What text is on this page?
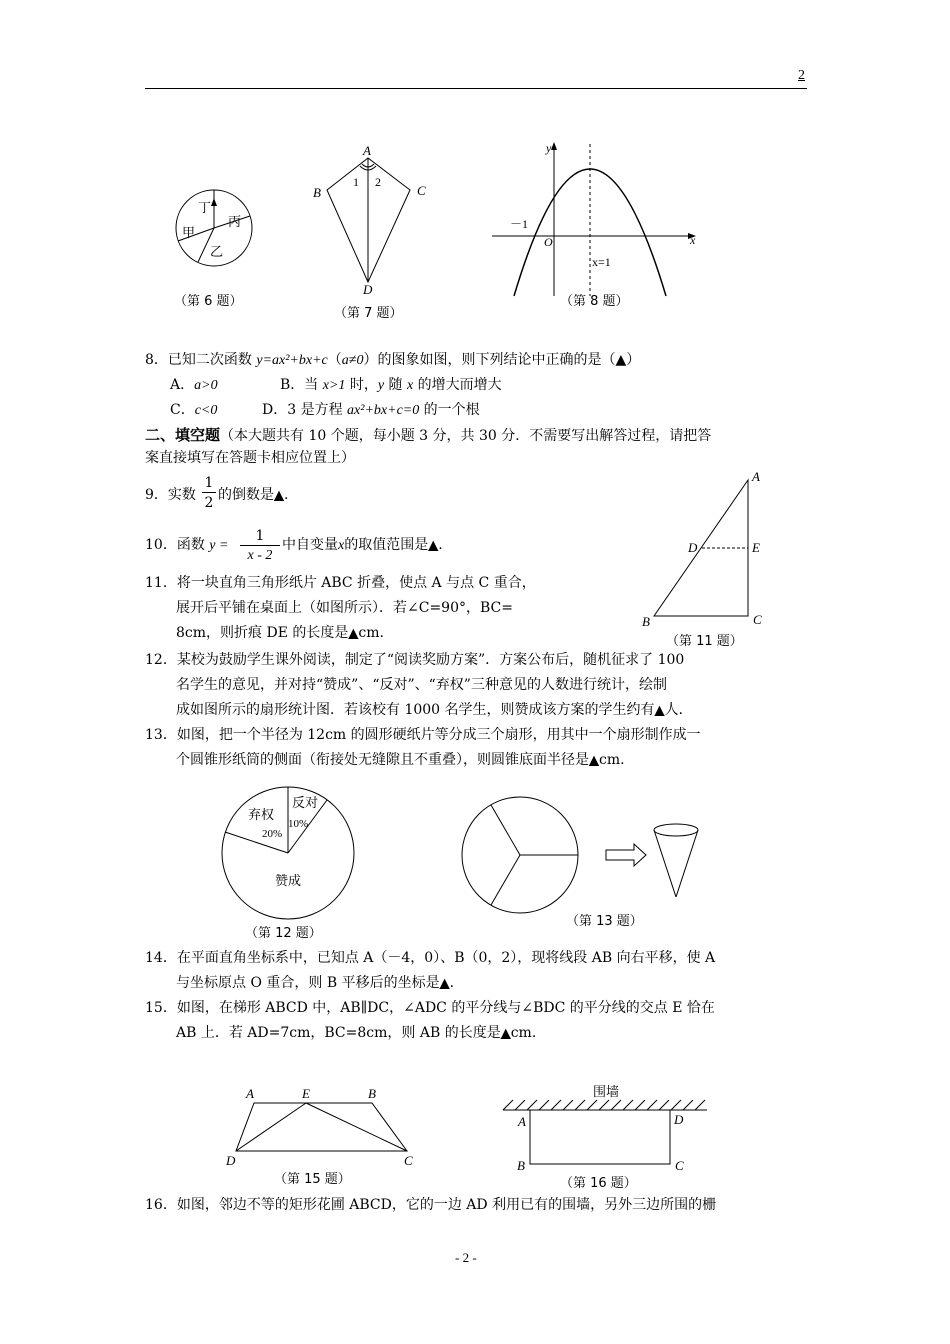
2
甲
乙
丙
丁
（第 6 题）
A
B	C
D
1 2
（第 7 题）
y
x
O
－1
x=1
（第 8 题）
8．已知二次函数 y=ax²+bx+c（a≠0）的图象如图，则下列结论中正确的是（▲）
A．a>0	B．当 x>1 时，y 随 x 的增大而增大
C．c<0	D．3 是方程 ax²+bx+c=0 的一个根
二、填空题（本大题共有 10 个题，每小题 3 分，共 30 分．不需要写出解答过程，请把答
案直接填写在答题卡相应位置上）
9．实数 $\frac{1}{2}$ 的倒数是▲.
10．函数 $y = \frac{1}{x - 2}$ 中自变量x的取值范围是▲.
A
B	C
D	E
（第 11 题）
11．将一块直角三角形纸片 ABC 折叠，使点 A 与点 C 重合，
展开后平铺在桌面上（如图所示）．若∠C=90°，BC=
8cm，则折痕 DE 的长度是▲cm.
12．某校为鼓励学生课外阅读，制定了“阅读奖励方案”．方案公布后，随机征求了 100
名学生的意见，并对持“赞成”、“反对”、“弃权”三种意见的人数进行统计，绘制
成如图所示的扇形统计图．若该校有 1000 名学生，则赞成该方案的学生约有▲人.
13．如图，把一个半径为 12cm 的圆形硬纸片等分成三个扇形，用其中一个扇形制作成一
个圆锥形纸筒的侧面（衔接处无缝隙且不重叠），则圆锥底面半径是▲cm.
弃权
20%
反对
10%
赞成
（第 12 题）
（第 13 题）
14．在平面直角坐标系中，已知点 A（－4，0）、B（0，2），现将线段 AB 向右平移，使 A
与坐标原点 O 重合，则 B 平移后的坐标是▲.
15．如图，在梯形 ABCD 中，AB∥DC，∠ADC 的平分线与∠BDC 的平分线的交点 E 恰在
AB 上．若 AD=7cm，BC=8cm，则 AB 的长度是▲cm.
A	E	B
D	C
（第 15 题）
围墙
A	D
B	C
（第 16 题）
16．如图，邻边不等的矩形花圃 ABCD，它的一边 AD 利用已有的围墙，另外三边所围的栅
- 2 -
